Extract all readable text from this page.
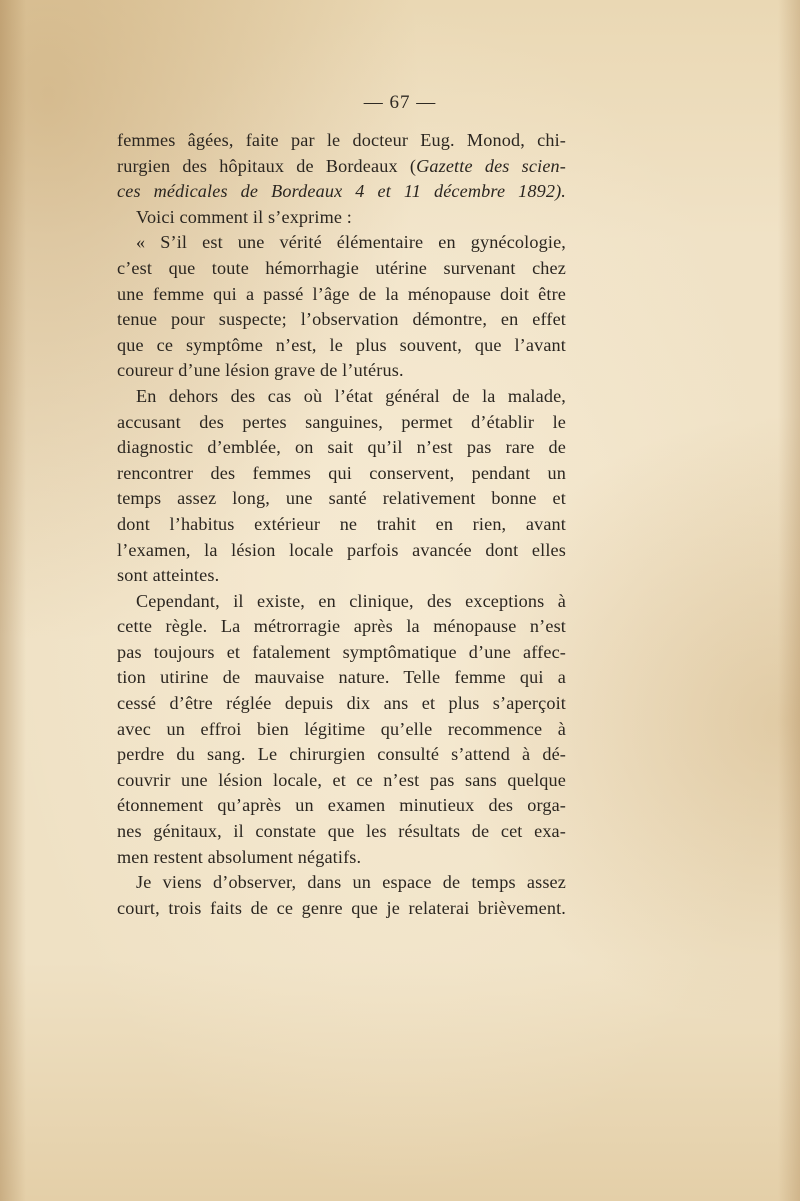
— 67 —
femmes âgées, faite par le docteur Eug. Monod, chi-
rurgien des hôpitaux de Bordeaux (Gazette des scien-
ces médicales de Bordeaux 4 et 11 décembre 1892).
Voici comment il s’exprime :
« S’il est une vérité élémentaire en gynécologie,
c’est que toute hémorrhagie utérine survenant chez
une femme qui a passé l’âge de la ménopause doit être
tenue pour suspecte; l’observation démontre, en effet
que ce symptôme n’est, le plus souvent, que l’avant
coureur d’une lésion grave de l’utérus.
En dehors des cas où l’état général de la malade,
accusant des pertes sanguines, permet d’établir le
diagnostic d’emblée, on sait qu’il n’est pas rare de
rencontrer des femmes qui conservent, pendant un
temps assez long, une santé relativement bonne et
dont l’habitus extérieur ne trahit en rien, avant
l’examen, la lésion locale parfois avancée dont elles
sont atteintes.
Cependant, il existe, en clinique, des exceptions à
cette règle. La métrorragie après la ménopause n’est
pas toujours et fatalement symptômatique d’une affec-
tion utirine de mauvaise nature. Telle femme qui a
cessé d’être réglée depuis dix ans et plus s’aperçoit
avec un effroi bien légitime qu’elle recommence à
perdre du sang. Le chirurgien consulté s’attend à dé-
couvrir une lésion locale, et ce n’est pas sans quelque
étonnement qu’après un examen minutieux des orga-
nes génitaux, il constate que les résultats de cet exa-
men restent absolument négatifs.
Je viens d’observer, dans un espace de temps assez
court, trois faits de ce genre que je relaterai brièvement.
